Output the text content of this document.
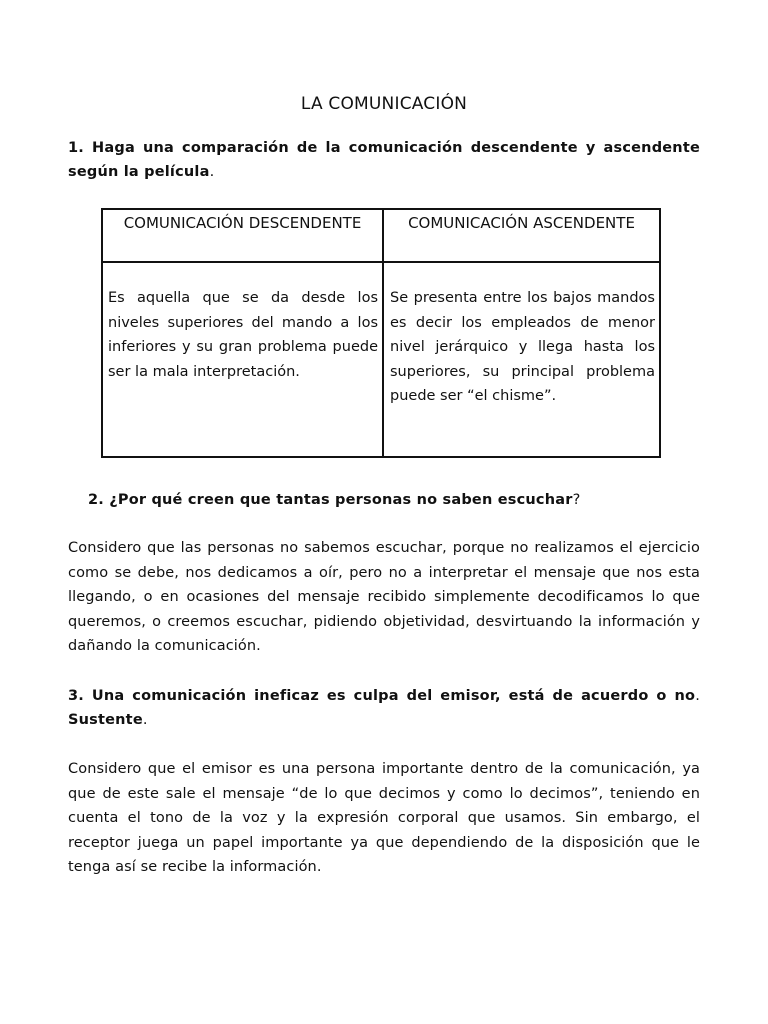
LA COMUNICACIÓN
1. Haga una comparación de la comunicación descendente y ascendente según la película.
COMUNICACIÓN DESCENDENTE	COMUNICACIÓN ASCENDENTE
Es aquella que se da desde los niveles superiores del mando a los inferiores y su gran problema puede ser la mala interpretación.
Se presenta entre los bajos mandos es decir los empleados de menor nivel jerárquico y llega hasta los superiores, su principal problema puede ser “el chisme”.
2. ¿Por qué creen que tantas personas no saben escuchar?
Considero que las personas no sabemos escuchar, porque no realizamos el ejercicio como se debe, nos dedicamos a oír, pero no a interpretar el mensaje que nos esta llegando, o en ocasiones del mensaje recibido simplemente decodificamos lo que queremos, o creemos escuchar, pidiendo objetividad, desvirtuando la información y dañando la comunicación.
3. Una comunicación ineficaz es culpa del emisor, está de acuerdo o no. Sustente.
Considero que el emisor es una persona importante dentro de la comunicación, ya que de este sale el mensaje “de lo que decimos y como lo decimos”, teniendo en cuenta el tono de la voz y la expresión corporal que usamos. Sin embargo, el receptor juega un papel importante ya que dependiendo de la disposición que le tenga así se recibe la información.
